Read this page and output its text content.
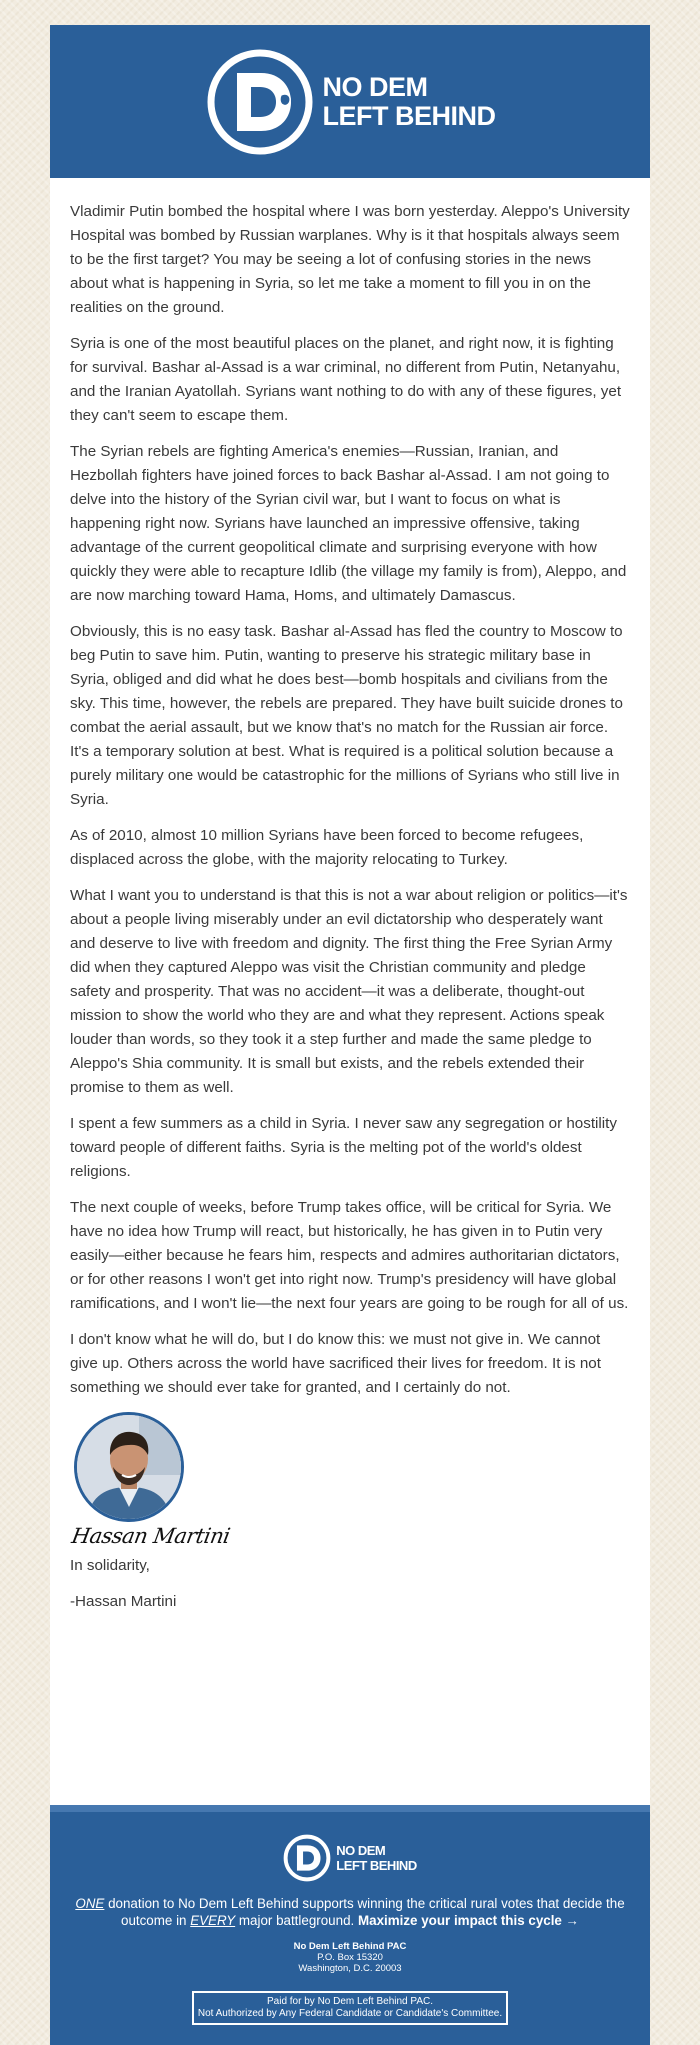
NO DEM
LEFT BEHIND

Vladimir Putin bombed the hospital where I was born yesterday. Aleppo's University Hospital was bombed by Russian warplanes. Why is it that hospitals always seem to be the first target? You may be seeing a lot of confusing stories in the news about what is happening in Syria, so let me take a moment to fill you in on the realities on the ground.

Syria is one of the most beautiful places on the planet, and right now, it is fighting for survival. Bashar al-Assad is a war criminal, no different from Putin, Netanyahu, and the Iranian Ayatollah. Syrians want nothing to do with any of these figures, yet they can't seem to escape them.

The Syrian rebels are fighting America's enemies—Russian, Iranian, and Hezbollah fighters have joined forces to back Bashar al-Assad. I am not going to delve into the history of the Syrian civil war, but I want to focus on what is happening right now. Syrians have launched an impressive offensive, taking advantage of the current geopolitical climate and surprising everyone with how quickly they were able to recapture Idlib (the village my family is from), Aleppo, and are now marching toward Hama, Homs, and ultimately Damascus.

Obviously, this is no easy task. Bashar al-Assad has fled the country to Moscow to beg Putin to save him. Putin, wanting to preserve his strategic military base in Syria, obliged and did what he does best—bomb hospitals and civilians from the sky. This time, however, the rebels are prepared. They have built suicide drones to combat the aerial assault, but we know that's no match for the Russian air force. It's a temporary solution at best. What is required is a political solution because a purely military one would be catastrophic for the millions of Syrians who still live in Syria.

As of 2010, almost 10 million Syrians have been forced to become refugees, displaced across the globe, with the majority relocating to Turkey.

What I want you to understand is that this is not a war about religion or politics—it's about a people living miserably under an evil dictatorship who desperately want and deserve to live with freedom and dignity. The first thing the Free Syrian Army did when they captured Aleppo was visit the Christian community and pledge safety and prosperity. That was no accident—it was a deliberate, thought-out mission to show the world who they are and what they represent. Actions speak louder than words, so they took it a step further and made the same pledge to Aleppo's Shia community. It is small but exists, and the rebels extended their promise to them as well.

I spent a few summers as a child in Syria. I never saw any segregation or hostility toward people of different faiths. Syria is the melting pot of the world's oldest religions.

The next couple of weeks, before Trump takes office, will be critical for Syria. We have no idea how Trump will react, but historically, he has given in to Putin very easily—either because he fears him, respects and admires authoritarian dictators, or for other reasons I won't get into right now. Trump's presidency will have global ramifications, and I won't lie—the next four years are going to be rough for all of us.

I don't know what he will do, but I do know this: we must not give in. We cannot give up. Others across the world have sacrificed their lives for freedom. It is not something we should ever take for granted, and I certainly do not.

Hassan Martini

In solidarity,

-Hassan Martini

NO DEM
LEFT BEHIND
ONE donation to No Dem Left Behind supports winning the critical rural votes that decide the outcome in EVERY major battleground. Maximize your impact this cycle →
No Dem Left Behind PAC
P.O. Box 15320
Washington, D.C. 20003
Paid for by No Dem Left Behind PAC.
Not Authorized by Any Federal Candidate or Candidate's Committee.
